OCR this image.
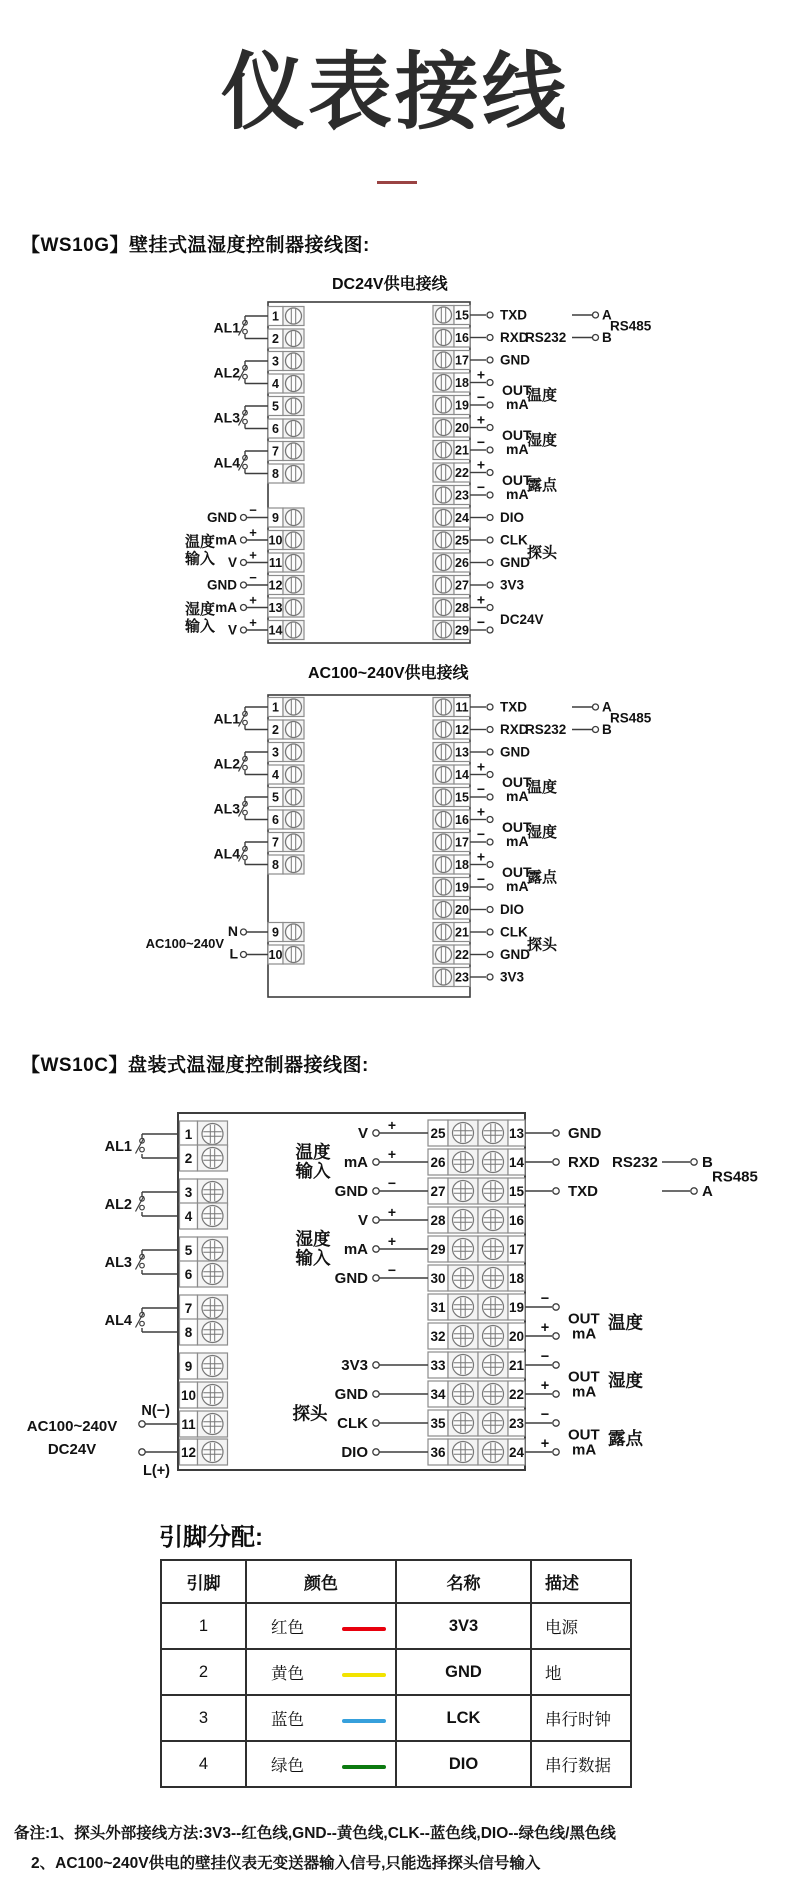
仪表接线
【WS10G】壁挂式温湿度控制器接线图:
DC24V供电接线
1
2
AL1
3
4
AL2
5
6
AL3
7
8
AL4
9
GND −
10
mA +
11
V +
12
GND −
13
mA +
14
V +
温度
输入
湿度
输入
15 TXD	A
16 RXD
RS232	B
17 GND
18
+
19
−
20
+
21
−
22
+
23
−
24 DIO
25 CLK
26 GND
27 3V3
28
+
29
−
OUT
mA
温度
OUT
mA
湿度
OUT
mA
露点
探头
DC24V
RS485
AC100~240V供电接线
1
2
AL1
3
4
AL2
5
6
AL3
7
8
AL4
9
N
10
L
AC100~240V
11 TXD	A
12 RXD
RS232	B
13 GND
14
+
15
−
16
+
17
−
18
+
19
−
20 DIO
21 CLK
22 GND
23 3V3
OUT
mA
温度
OUT
mA
湿度
OUT
mA
露点
探头
RS485
【WS10C】盘装式温湿度控制器接线图:
1
2
3
4
5
6
7
8
9
10
11
12
AL1
AL2
AL3
AL4
N(−)
L(+)
AC100~240V
DC24V
25	13
26	14
27	15
28	16
29	17
30	18
31	19
32	20
33	21
34	22
35	23
36	24
V +
mA +
GND −
V +
mA +
GND −
3V3
GND
CLK
DIO
温度
输入
湿度
输入
探头
GND
RXD RS232	B
TXD	A
−
+
−
+
−
+
OUT
mA
温度
OUT
mA
湿度
OUT
mA
露点
RS485
引脚分配:
引脚	颜色	名称	描述
1	红色	3V3	电源
2	黄色	GND	地
3	蓝色	LCK	串行时钟
4	绿色	DIO	串行数据
备注:1、探头外部接线方法:3V3--红色线,GND--黄色线,CLK--蓝色线,DIO--绿色线/黑色线
2、AC100~240V供电的壁挂仪表无变送器输入信号,只能选择探头信号输入
